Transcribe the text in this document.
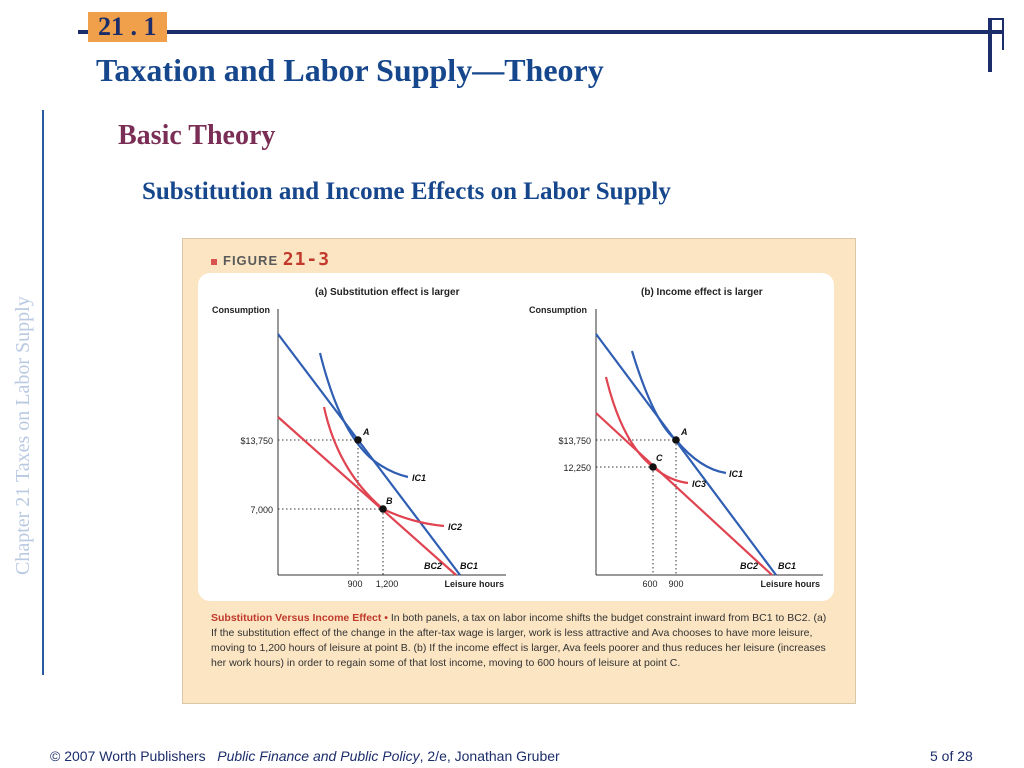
21 . 1
Taxation and Labor Supply—Theory
Chapter 21 Taxes on Labor Supply
Basic Theory
Substitution and Income Effects on Labor Supply
FIGURE 21-3
(a) Substitution effect is larger
Consumption
A
B
$13,750
7,000
900 1,200	Leisure hours
IC1
IC2
BC2 BC1
(b) Income effect is larger
Consumption
A
C
$13,750
12,250
600 900	Leisure hours
IC1
IC3
BC2 BC1
Substitution Versus Income Effect • In both panels, a tax on labor income shifts the budget constraint inward from BC1 to BC2. (a) If the substitution effect of the change in the after-tax wage is larger, work is less attractive and Ava chooses to have more leisure, moving to 1,200 hours of leisure at point B. (b) If the income effect is larger, Ava feels poorer and thus reduces her leisure (increases her work hours) in order to regain some of that lost income, moving to 600 hours of leisure at point C.
© 2007 Worth Publishers Public Finance and Public Policy, 2/e, Jonathan Gruber	5 of 28
